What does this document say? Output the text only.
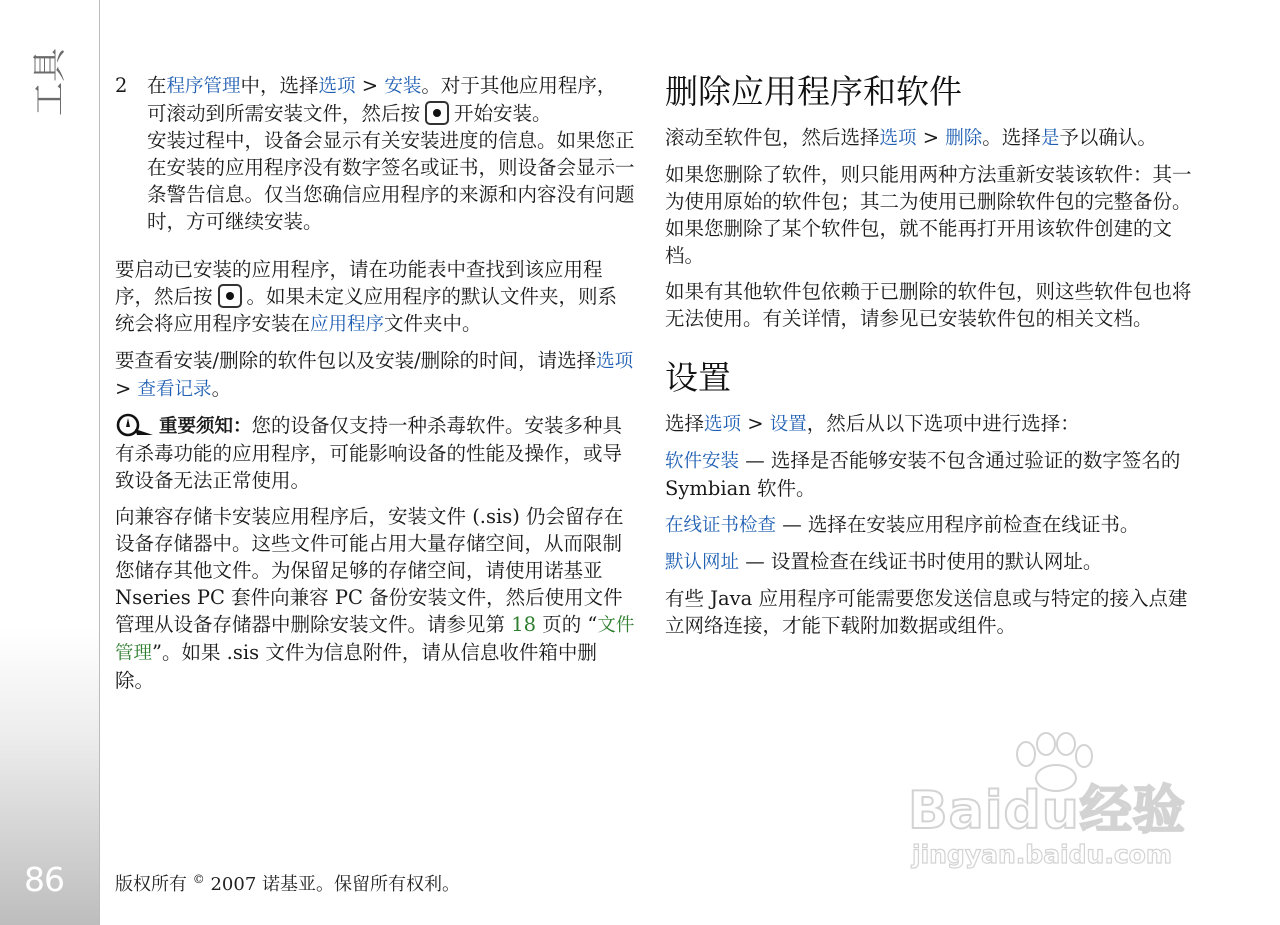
工具
86
2 在程序管理中，选择选项 > 安装。对于其他应用程序，可滚动到所需安装文件，然后按 开始安装。
安装过程中，设备会显示有关安装进度的信息。如果您正在安装的应用程序没有数字签名或证书，则设备会显示一条警告信息。仅当您确信应用程序的来源和内容没有问题时，方可继续安装。

要启动已安装的应用程序，请在功能表中查找到该应用程序，然后按 。如果未定义应用程序的默认文件夹，则系统会将应用程序安装在应用程序文件夹中。

要查看安装/删除的软件包以及安装/删除的时间，请选择选项 > 查看记录。

重要须知：您的设备仅支持一种杀毒软件。安装多种具有杀毒功能的应用程序，可能影响设备的性能及操作，或导致设备无法正常使用。

向兼容存储卡安装应用程序后，安装文件 (.sis) 仍会留存在设备存储器中。这些文件可能占用大量存储空间，从而限制您储存其他文件。为保留足够的存储空间，请使用诺基亚 Nseries PC 套件向兼容 PC 备份安装文件，然后使用文件管理从设备存储器中删除安装文件。请参见第 18 页的 “文件管理”。如果 .sis 文件为信息附件，请从信息收件箱中删除。

删除应用程序和软件

滚动至软件包，然后选择选项 > 删除。选择是予以确认。

如果您删除了软件，则只能用两种方法重新安装该软件：其一为使用原始的软件包；其二为使用已删除软件包的完整备份。如果您删除了某个软件包，就不能再打开用该软件创建的文档。

如果有其他软件包依赖于已删除的软件包，则这些软件包也将无法使用。有关详情，请参见已安装软件包的相关文档。

设置

选择选项 > 设置，然后从以下选项中进行选择：

软件安装 — 选择是否能够安装不包含通过验证的数字签名的 Symbian 软件。

在线证书检查 — 选择在安装应用程序前检查在线证书。

默认网址 — 设置检查在线证书时使用的默认网址。

有些 Java 应用程序可能需要您发送信息或与特定的接入点建立网络连接，才能下载附加数据或组件。

版权所有 © 2007 诺基亚。保留所有权利。
Baidu经验
jingyan.baidu.com
